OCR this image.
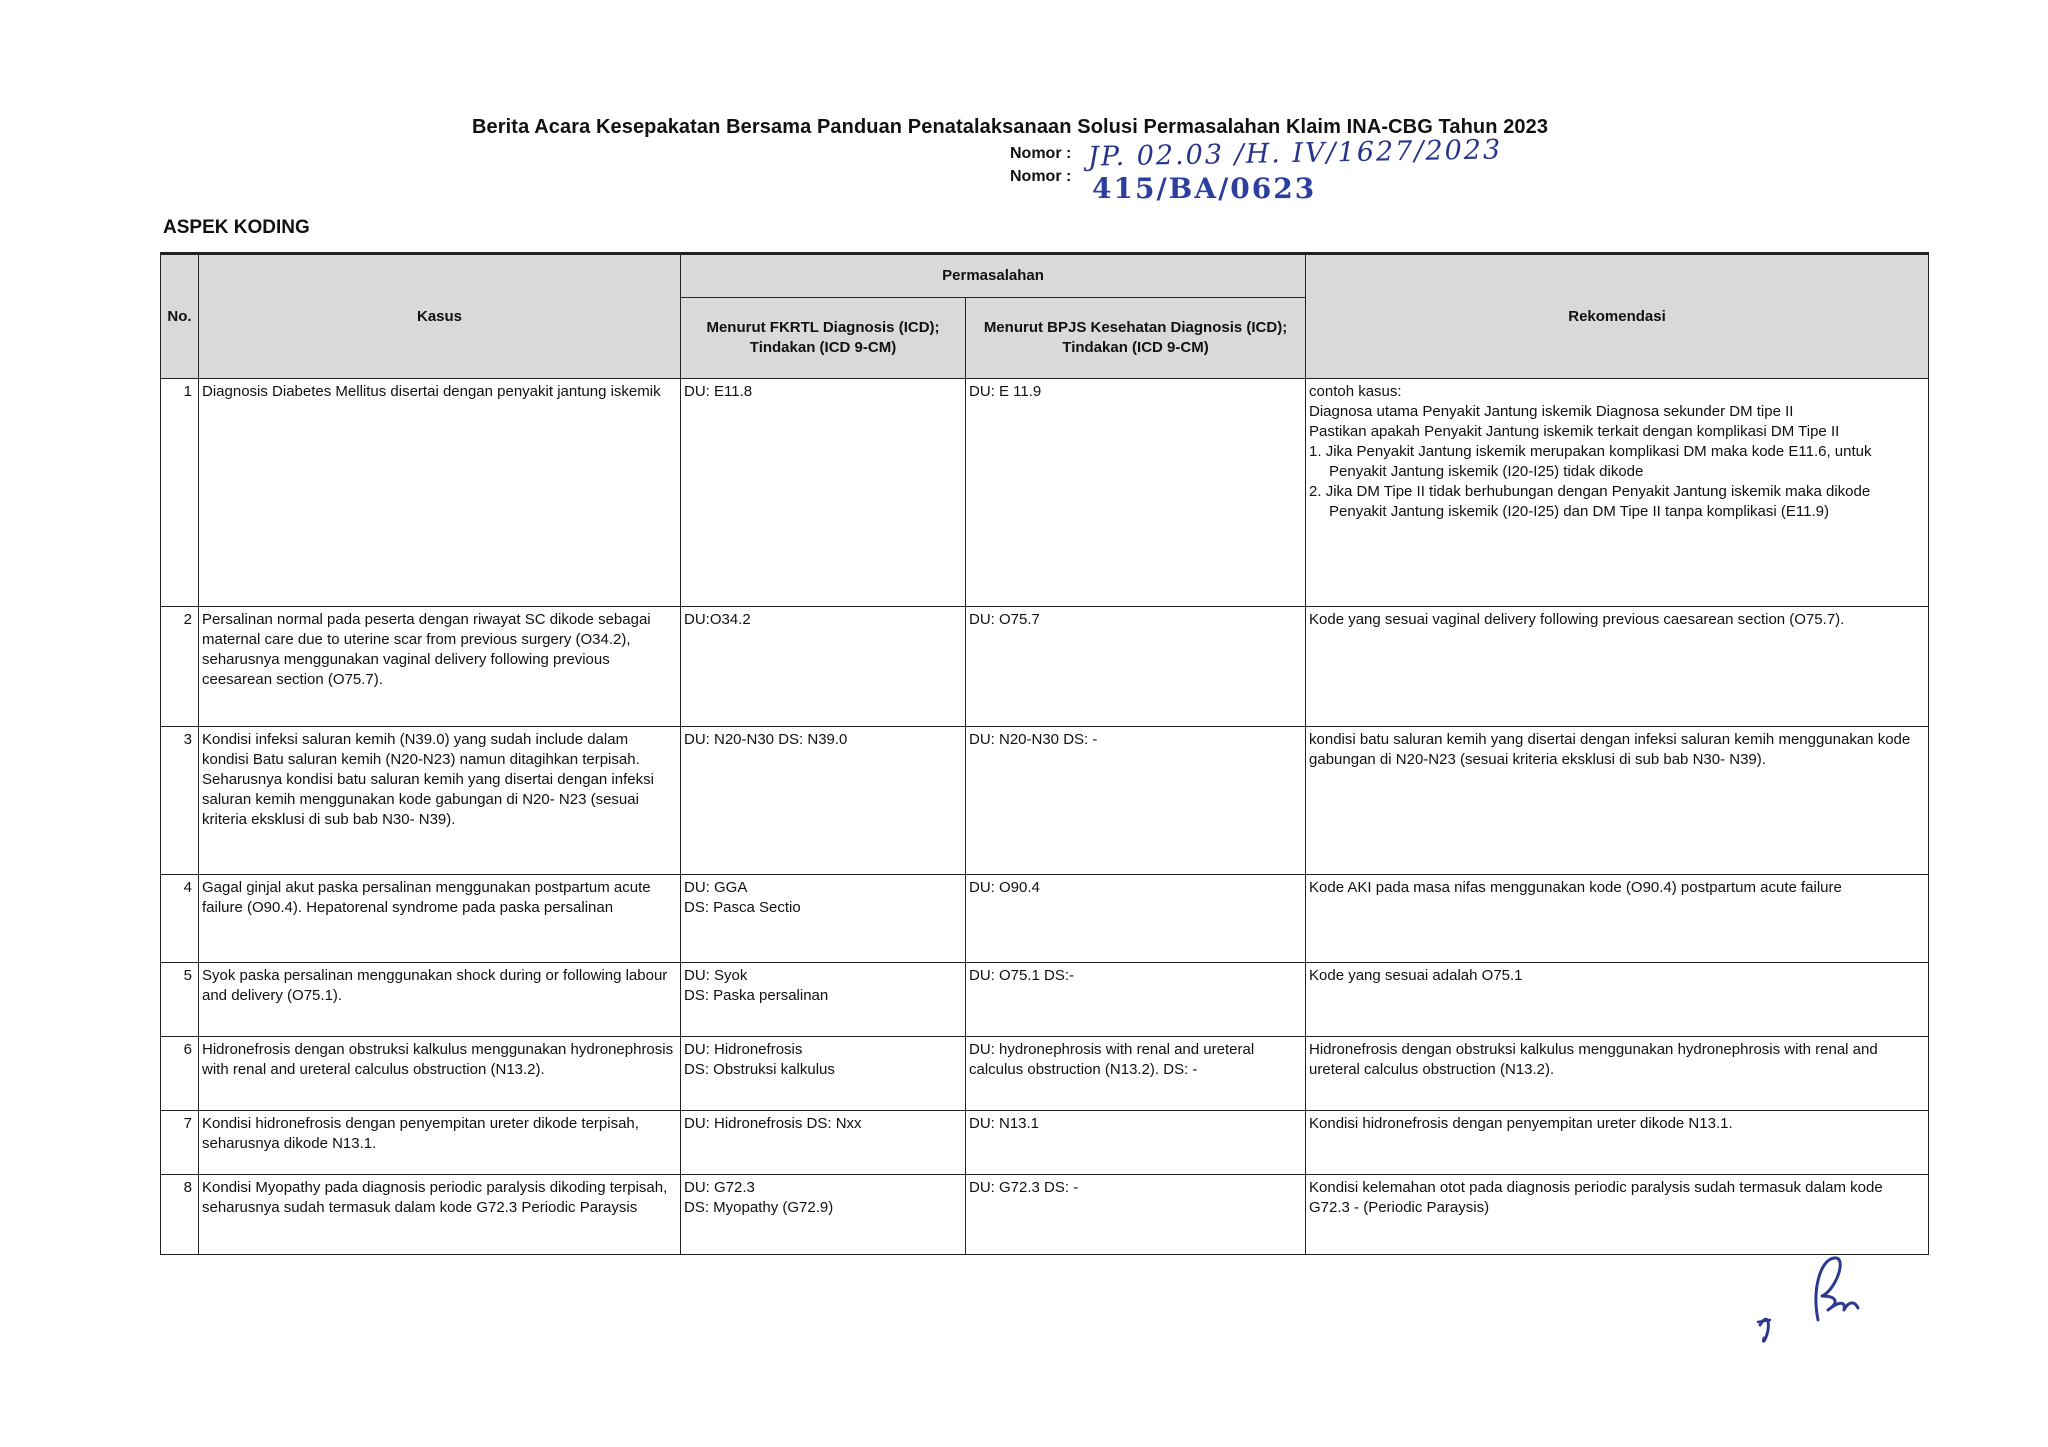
Berita Acara Kesepakatan Bersama Panduan Penatalaksanaan Solusi Permasalahan Klaim INA-CBG Tahun 2023
Nomor : JP. 02.03 /H. IV/1627/2023
Nomor : 415/BA/0623
ASPEK KODING
No.	Kasus	Permasalahan		Rekomendasi
		Menurut FKRTL Diagnosis (ICD); Tindakan (ICD 9-CM)	Menurut BPJS Kesehatan Diagnosis (ICD); Tindakan (ICD 9-CM)	
1	Diagnosis Diabetes Mellitus disertai dengan penyakit jantung iskemik	DU: E11.8	DU: E 11.9	contoh kasus:
Diagnosa utama Penyakit Jantung iskemik Diagnosa sekunder DM tipe II
Pastikan apakah Penyakit Jantung iskemik terkait dengan komplikasi DM Tipe II
1. Jika Penyakit Jantung iskemik merupakan komplikasi DM maka kode E11.6, untuk Penyakit Jantung iskemik (I20-I25) tidak dikode
2. Jika DM Tipe II tidak berhubungan dengan Penyakit Jantung iskemik maka dikode Penyakit Jantung iskemik (I20-I25) dan DM Tipe II tanpa komplikasi (E11.9)

2	Persalinan normal pada peserta dengan riwayat SC dikode sebagai maternal care due to uterine scar from previous surgery (O34.2), seharusnya menggunakan vaginal delivery following previous ceesarean section (O75.7).	DU:O34.2	DU: O75.7	Kode yang sesuai vaginal delivery following previous caesarean section (O75.7).

3	Kondisi infeksi saluran kemih (N39.0) yang sudah include dalam kondisi Batu saluran kemih (N20-N23) namun ditagihkan terpisah. Seharusnya kondisi batu saluran kemih yang disertai dengan infeksi saluran kemih menggunakan kode gabungan di N20- N23 (sesuai kriteria eksklusi di sub bab N30- N39).	DU: N20-N30 DS: N39.0	DU: N20-N30 DS: -	kondisi batu saluran kemih yang disertai dengan infeksi saluran kemih menggunakan kode gabungan di N20-N23 (sesuai kriteria eksklusi di sub bab N30- N39).

4	Gagal ginjal akut paska persalinan menggunakan postpartum acute failure (O90.4). Hepatorenal syndrome pada paska persalinan	DU: GGA
DS: Pasca Sectio	DU: O90.4	Kode AKI pada masa nifas menggunakan kode (O90.4) postpartum acute failure

5	Syok paska persalinan menggunakan shock during or following labour and delivery (O75.1).	DU: Syok
DS: Paska persalinan	DU: O75.1 DS:-	Kode yang sesuai adalah O75.1

6	Hidronefrosis dengan obstruksi kalkulus menggunakan hydronephrosis with renal and ureteral calculus obstruction (N13.2).	DU: Hidronefrosis
DS: Obstruksi kalkulus	DU: hydronephrosis with renal and ureteral calculus obstruction (N13.2). DS: -	Hidronefrosis dengan obstruksi kalkulus menggunakan hydronephrosis with renal and ureteral calculus obstruction (N13.2).

7	Kondisi hidronefrosis dengan penyempitan ureter dikode terpisah, seharusnya dikode N13.1.	DU: Hidronefrosis DS: Nxx	DU: N13.1	Kondisi hidronefrosis dengan penyempitan ureter dikode N13.1.

8	Kondisi Myopathy pada diagnosis periodic paralysis dikoding terpisah, seharusnya sudah termasuk dalam kode G72.3 Periodic Paraysis	DU: G72.3
DS: Myopathy (G72.9)	DU: G72.3 DS: -	Kondisi kelemahan otot pada diagnosis periodic paralysis sudah termasuk dalam kode G72.3 - (Periodic Paraysis)
